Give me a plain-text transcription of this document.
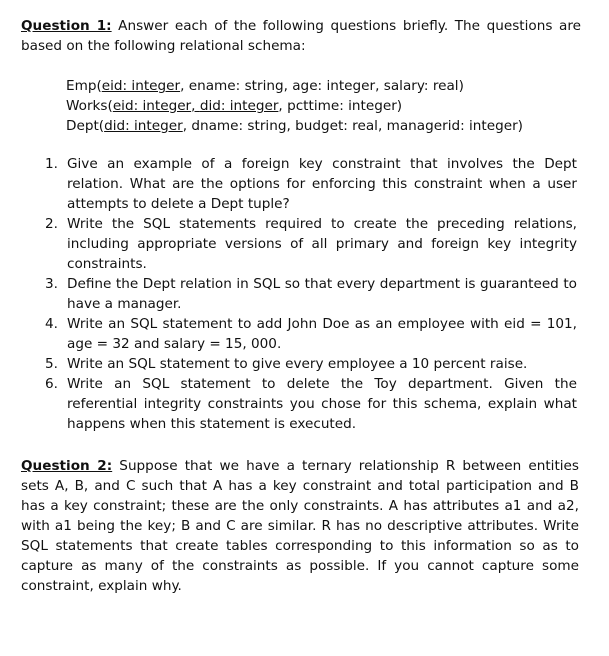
Question 1: Answer each of the following questions briefly. The questions are based on the following relational schema:
Emp(eid: integer, ename: string, age: integer, salary: real)
Works(eid: integer, did: integer, pcttime: integer)
Dept(did: integer, dname: string, budget: real, managerid: integer)
1. Give an example of a foreign key constraint that involves the Dept relation. What are the options for enforcing this constraint when a user attempts to delete a Dept tuple?
2. Write the SQL statements required to create the preceding relations, including appropriate versions of all primary and foreign key integrity constraints.
3. Define the Dept relation in SQL so that every department is guaranteed to have a manager.
4. Write an SQL statement to add John Doe as an employee with eid = 101, age = 32 and salary = 15, 000.
5. Write an SQL statement to give every employee a 10 percent raise.
6. Write an SQL statement to delete the Toy department. Given the referential integrity constraints you chose for this schema, explain what happens when this statement is executed.
Question 2: Suppose that we have a ternary relationship R between entities sets A, B, and C such that A has a key constraint and total participation and B has a key constraint; these are the only constraints. A has attributes a1 and a2, with a1 being the key; B and C are similar. R has no descriptive attributes. Write SQL statements that create tables corresponding to this information so as to capture as many of the constraints as possible. If you cannot capture some constraint, explain why.
